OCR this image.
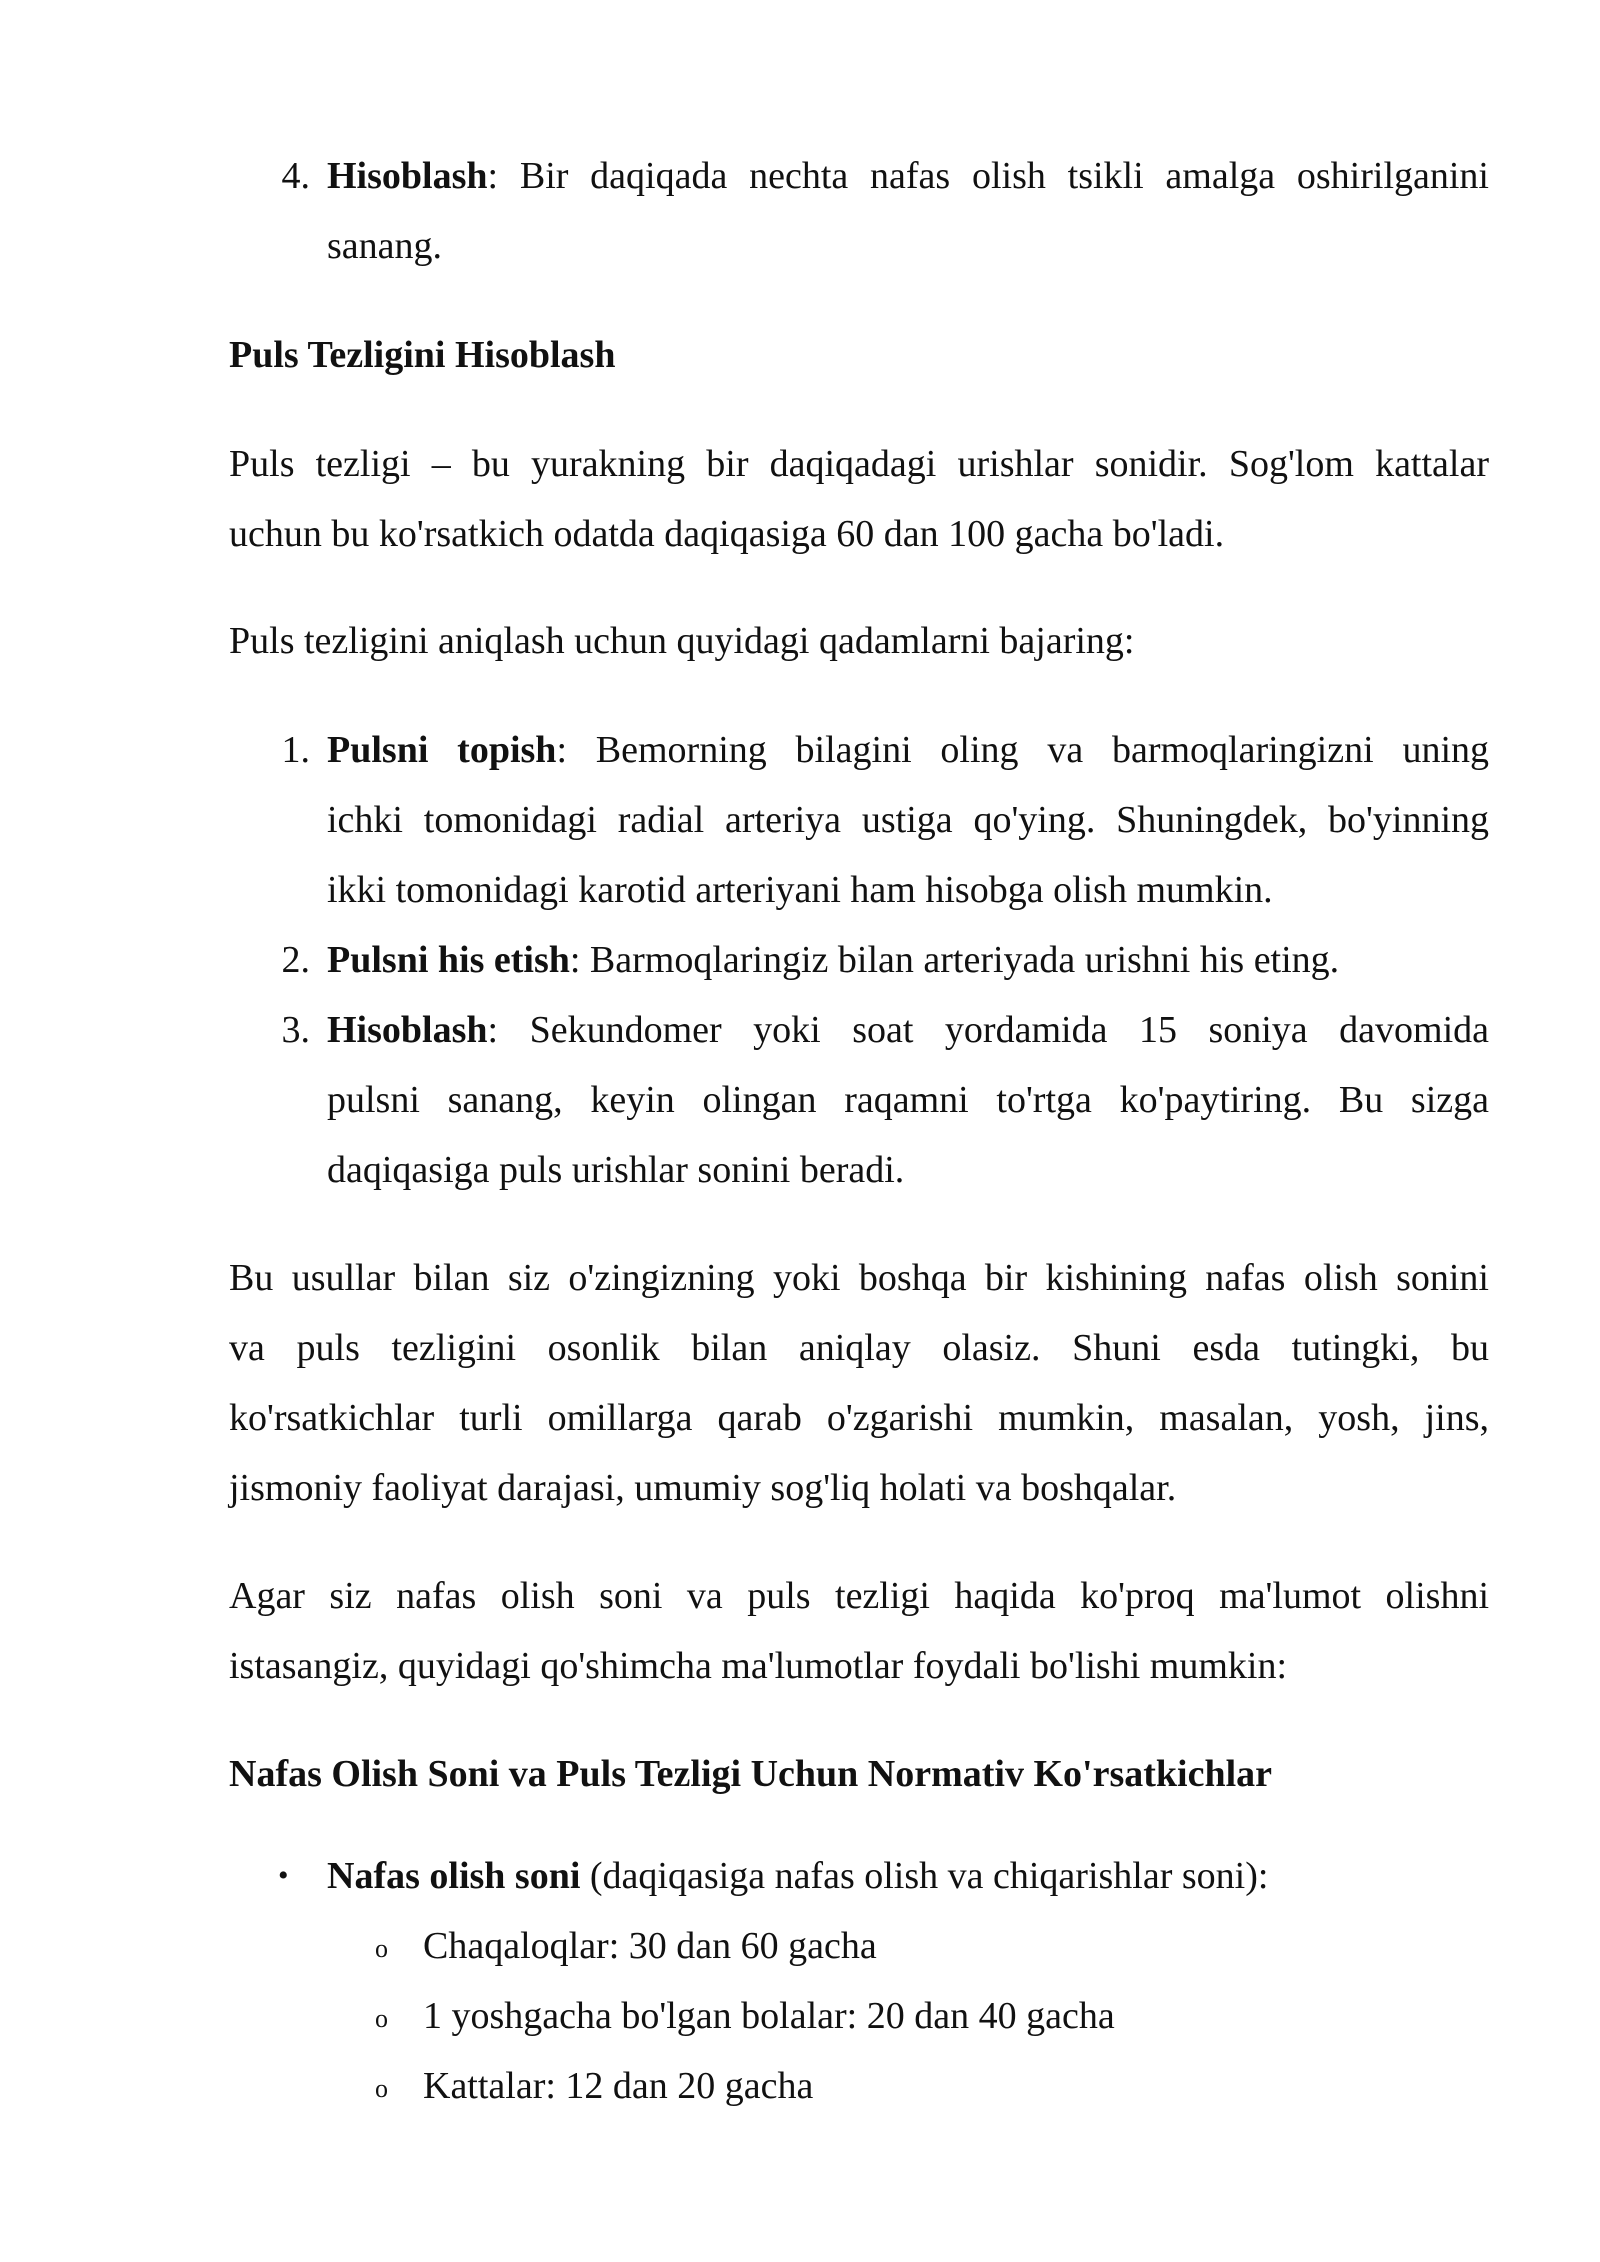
4. Hisoblash: Bir daqiqada nechta nafas olish tsikli amalga oshirilganini
sanang.
Puls Tezligini Hisoblash
Puls tezligi – bu yurakning bir daqiqadagi urishlar sonidir. Sog'lom kattalar
uchun bu ko'rsatkich odatda daqiqasiga 60 dan 100 gacha bo'ladi.
Puls tezligini aniqlash uchun quyidagi qadamlarni bajaring:
1. Pulsni topish: Bemorning bilagini oling va barmoqlaringizni uning
ichki tomonidagi radial arteriya ustiga qo'ying. Shuningdek, bo'yinning
ikki tomonidagi karotid arteriyani ham hisobga olish mumkin.
2. Pulsni his etish: Barmoqlaringiz bilan arteriyada urishni his eting.
3. Hisoblash: Sekundomer yoki soat yordamida 15 soniya davomida
pulsni sanang, keyin olingan raqamni to'rtga ko'paytiring. Bu sizga
daqiqasiga puls urishlar sonini beradi.
Bu usullar bilan siz o'zingizning yoki boshqa bir kishining nafas olish sonini
va puls tezligini osonlik bilan aniqlay olasiz. Shuni esda tutingki, bu
ko'rsatkichlar turli omillarga qarab o'zgarishi mumkin, masalan, yosh, jins,
jismoniy faoliyat darajasi, umumiy sog'liq holati va boshqalar.
Agar siz nafas olish soni va puls tezligi haqida ko'proq ma'lumot olishni
istasangiz, quyidagi qo'shimcha ma'lumotlar foydali bo'lishi mumkin:
Nafas Olish Soni va Puls Tezligi Uchun Normativ Ko'rsatkichlar
• Nafas olish soni (daqiqasiga nafas olish va chiqarishlar soni):
o Chaqaloqlar: 30 dan 60 gacha
o 1 yoshgacha bo'lgan bolalar: 20 dan 40 gacha
o Kattalar: 12 dan 20 gacha
